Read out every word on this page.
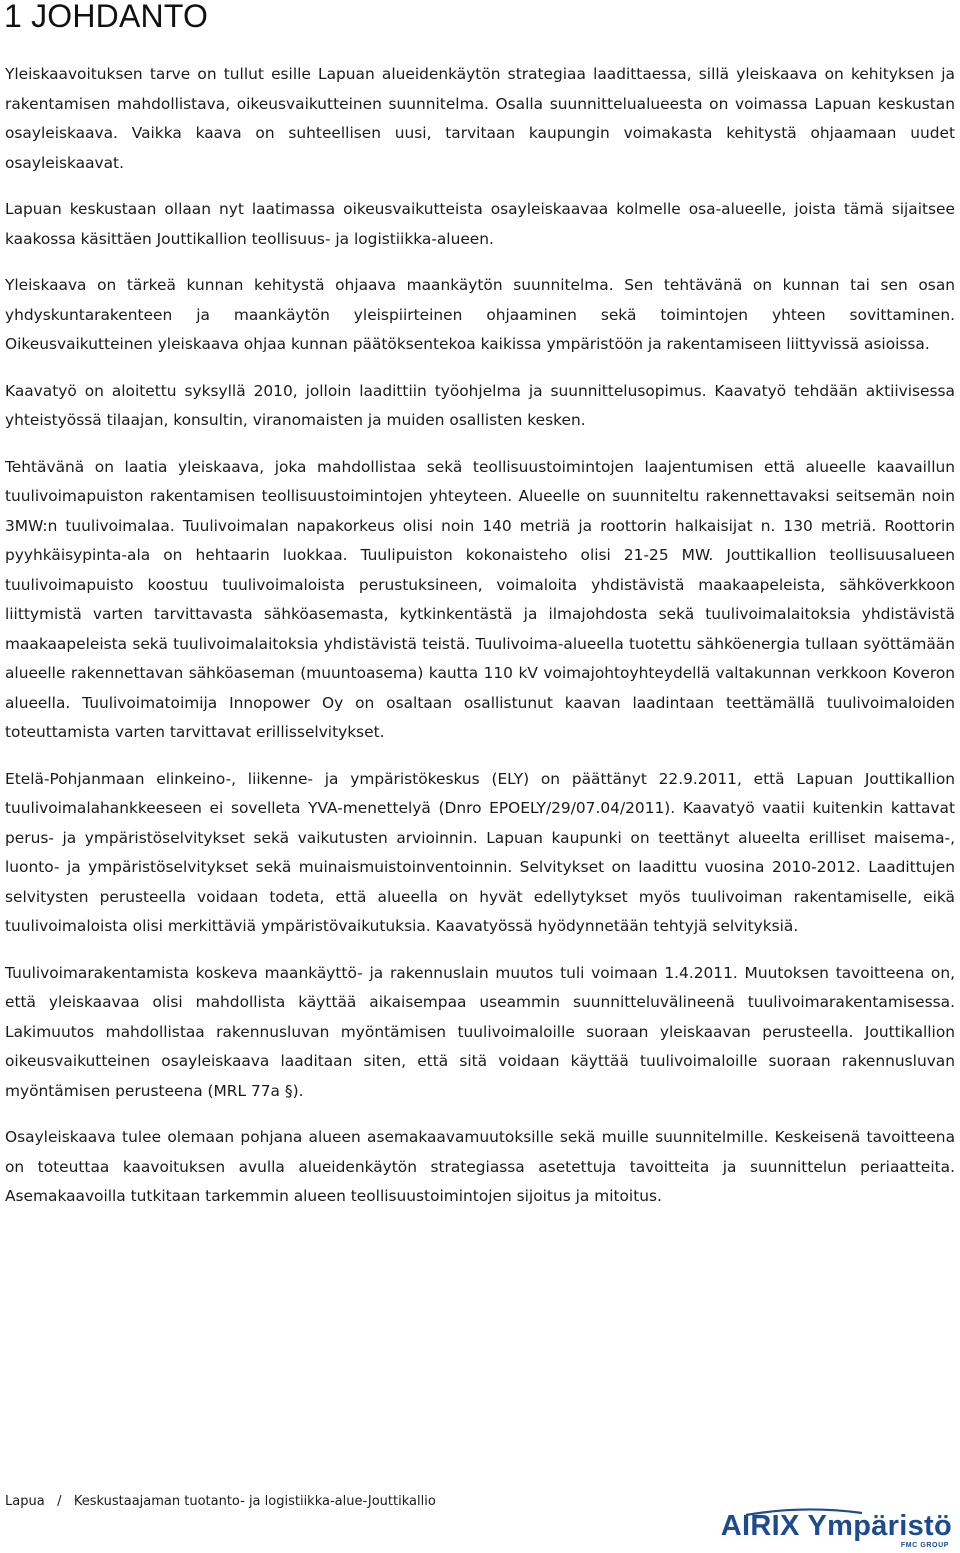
1 JOHDANTO

Yleiskaavoituksen tarve on tullut esille Lapuan alueidenkäytön strategiaa laadittaessa, sillä yleiskaava on kehityksen ja rakentamisen mahdollistava, oikeusvaikutteinen suunnitelma. Osalla suunnittelualueesta on voimassa Lapuan keskustan osayleiskaava. Vaikka kaava on suhteellisen uusi, tarvitaan kaupungin voimakasta kehitystä ohjaamaan uudet osayleiskaavat.

Lapuan keskustaan ollaan nyt laatimassa oikeusvaikutteista osayleiskaavaa kolmelle osa-alueelle, joista tämä sijaitsee kaakossa käsittäen Jouttikallion teollisuus- ja logistiikka-alueen.

Yleiskaava on tärkeä kunnan kehitystä ohjaava maankäytön suunnitelma. Sen tehtävänä on kunnan tai sen osan yhdyskuntarakenteen ja maankäytön yleispiirteinen ohjaaminen sekä toimintojen yhteen sovittaminen. Oikeusvaikutteinen yleiskaava ohjaa kunnan päätöksentekoa kaikissa ympäristöön ja rakentamiseen liittyvissä asioissa.

Kaavatyö on aloitettu syksyllä 2010, jolloin laadittiin työohjelma ja suunnittelusopimus. Kaavatyö tehdään aktiivisessa yhteistyössä tilaajan, konsultin, viranomaisten ja muiden osallisten kesken.

Tehtävänä on laatia yleiskaava, joka mahdollistaa sekä teollisuustoimintojen laajentumisen että alueelle kaavaillun tuulivoimapuiston rakentamisen teollisuustoimintojen yhteyteen. Alueelle on suunniteltu rakennettavaksi seitsemän noin 3MW:n tuulivoimalaa. Tuulivoimalan napakorkeus olisi noin 140 metriä ja roottorin halkaisijat n. 130 metriä. Roottorin pyyhkäisypinta-ala on hehtaarin luokkaa. Tuulipuiston kokonaisteho olisi 21-25 MW. Jouttikallion teollisuusalueen tuulivoimapuisto koostuu tuulivoimaloista perustuksineen, voimaloita yhdistävistä maakaapeleista, sähköverkkoon liittymistä varten tarvittavasta sähköasemasta, kytkinkentästä ja ilmajohdosta sekä tuulivoimalaitoksia yhdistävistä maakaapeleista sekä tuulivoimalaitoksia yhdistävistä teistä. Tuulivoima-alueella tuotettu sähköenergia tullaan syöttämään alueelle rakennettavan sähköaseman (muuntoasema) kautta 110 kV voimajohtoyhteydellä valtakunnan verkkoon Koveron alueella. Tuulivoimatoimija Innopower Oy on osaltaan osallistunut kaavan laadintaan teettämällä tuulivoimaloiden toteuttamista varten tarvittavat erillisselvitykset.

Etelä-Pohjanmaan elinkeino-, liikenne- ja ympäristökeskus (ELY) on päättänyt 22.9.2011, että Lapuan Jouttikallion tuulivoimalahankkeeseen ei sovelleta YVA-menettelyä (Dnro EPOELY/29/07.04/2011). Kaavatyö vaatii kuitenkin kattavat perus- ja ympäristöselvitykset sekä vaikutusten arvioinnin. Lapuan kaupunki on teettänyt alueelta erilliset maisema-, luonto- ja ympäristöselvitykset sekä muinaismuistoinventoinnin. Selvitykset on laadittu vuosina 2010-2012. Laadittujen selvitysten perusteella voidaan todeta, että alueella on hyvät edellytykset myös tuulivoiman rakentamiselle, eikä tuulivoimaloista olisi merkittäviä ympäristövaikutuksia. Kaavatyössä hyödynnetään tehtyjä selvityksiä.

Tuulivoimarakentamista koskeva maankäyttö- ja rakennuslain muutos tuli voimaan 1.4.2011. Muutoksen tavoitteena on, että yleiskaavaa olisi mahdollista käyttää aikaisempaa useammin suunnitteluvälineenä tuulivoimarakentamisessa. Lakimuutos mahdollistaa rakennusluvan myöntämisen tuulivoimaloille suoraan yleiskaavan perusteella. Jouttikallion oikeusvaikutteinen osayleiskaava laaditaan siten, että sitä voidaan käyttää tuulivoimaloille suoraan rakennusluvan myöntämisen perusteena (MRL 77a §).

Osayleiskaava tulee olemaan pohjana alueen asemakaavamuutoksille sekä muille suunnitelmille. Keskeisenä tavoitteena on toteuttaa kaavoituksen avulla alueidenkäytön strategiassa asetettuja tavoitteita ja suunnittelun periaatteita. Asemakaavoilla tutkitaan tarkemmin alueen teollisuustoimintojen sijoitus ja mitoitus.

Lapua   /   Keskustaajaman tuotanto- ja logistiikka-alue-Jouttikallio
AIRIX Ympäristö
FMC GROUP
